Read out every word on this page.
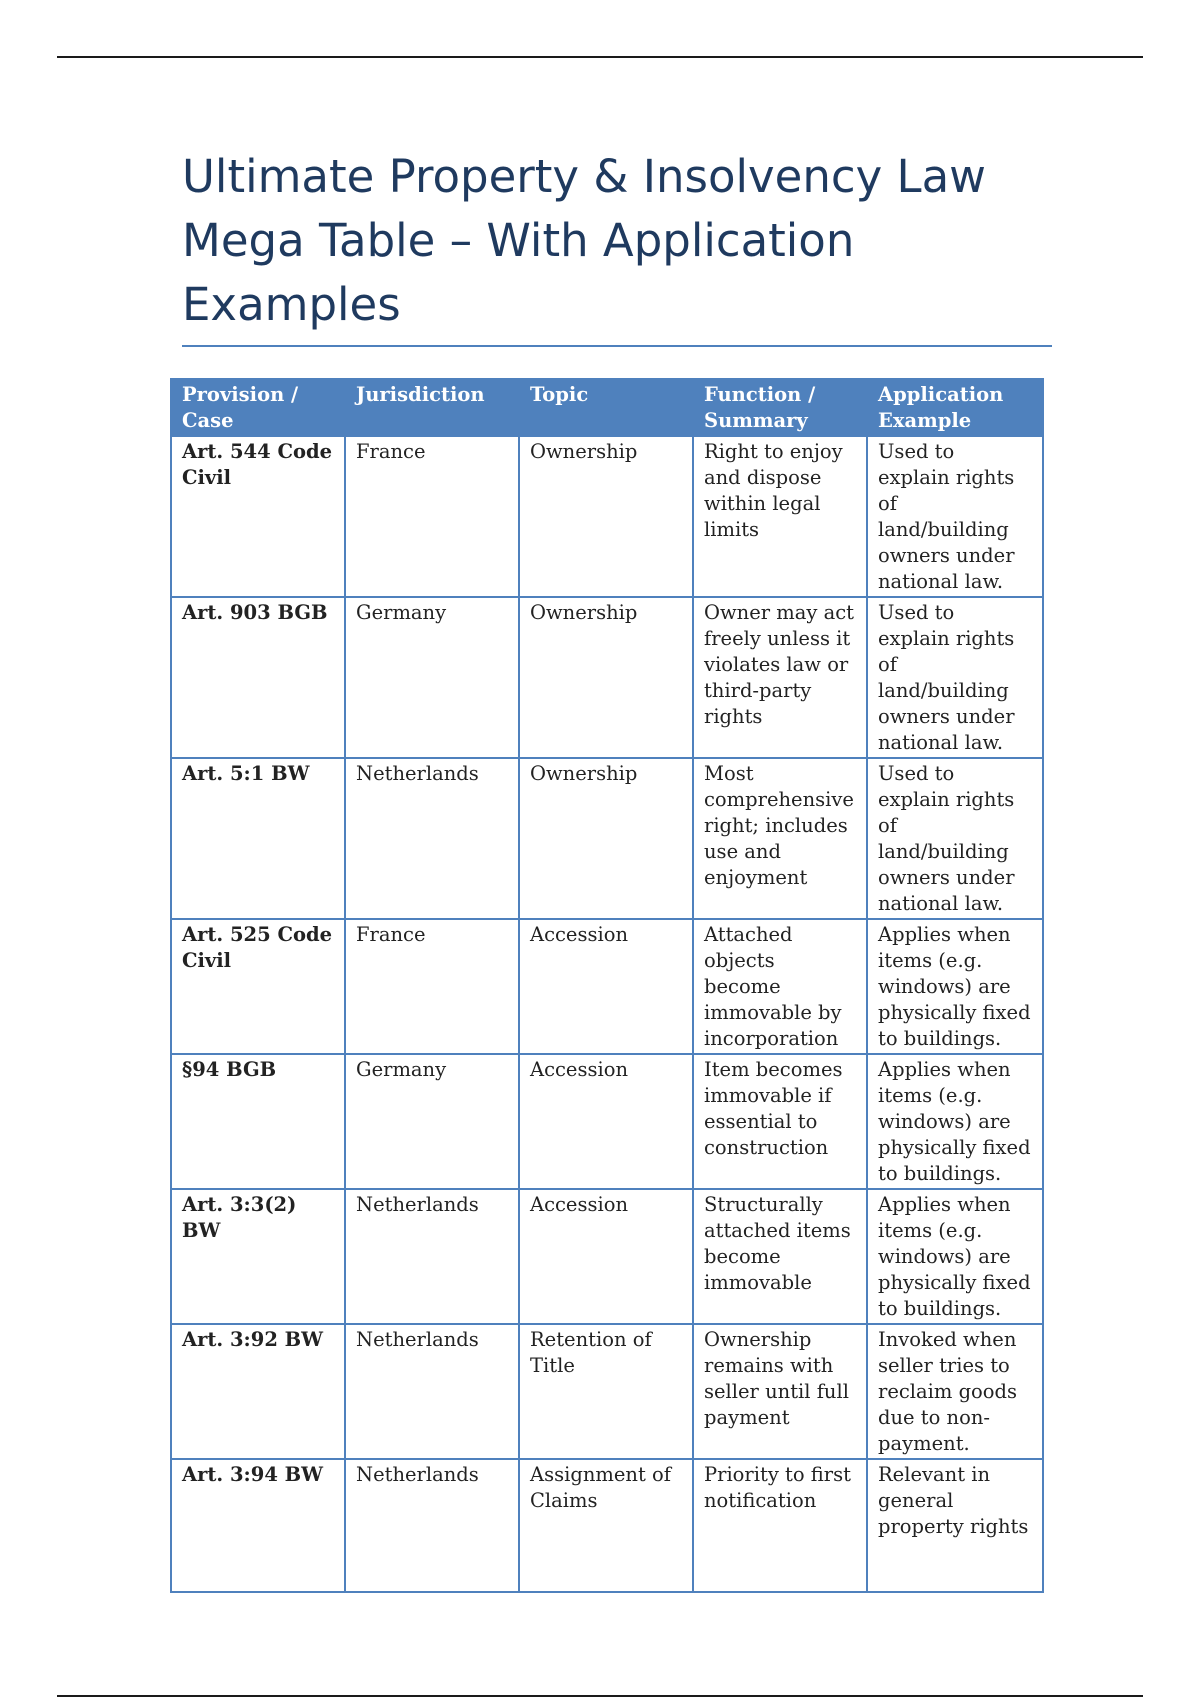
Ultimate Property & Insolvency Law Mega Table – With Application Examples
Provision / Case	Jurisdiction	Topic	Function / Summary	Application Example
Art. 544 Code Civil	France	Ownership	Right to enjoy and dispose within legal limits	Used to explain rights of land/building owners under national law.
Art. 903 BGB	Germany	Ownership	Owner may act freely unless it violates law or third-party rights	Used to explain rights of land/building owners under national law.
Art. 5:1 BW	Netherlands	Ownership	Most comprehensive right; includes use and enjoyment	Used to explain rights of land/building owners under national law.
Art. 525 Code Civil	France	Accession	Attached objects become immovable by incorporation	Applies when items (e.g. windows) are physically fixed to buildings.
§94 BGB	Germany	Accession	Item becomes immovable if essential to construction	Applies when items (e.g. windows) are physically fixed to buildings.
Art. 3:3(2) BW	Netherlands	Accession	Structurally attached items become immovable	Applies when items (e.g. windows) are physically fixed to buildings.
Art. 3:92 BW	Netherlands	Retention of Title	Ownership remains with seller until full payment	Invoked when seller tries to reclaim goods due to non-payment.
Art. 3:94 BW	Netherlands	Assignment of Claims	Priority to first notification	Relevant in general property rights
